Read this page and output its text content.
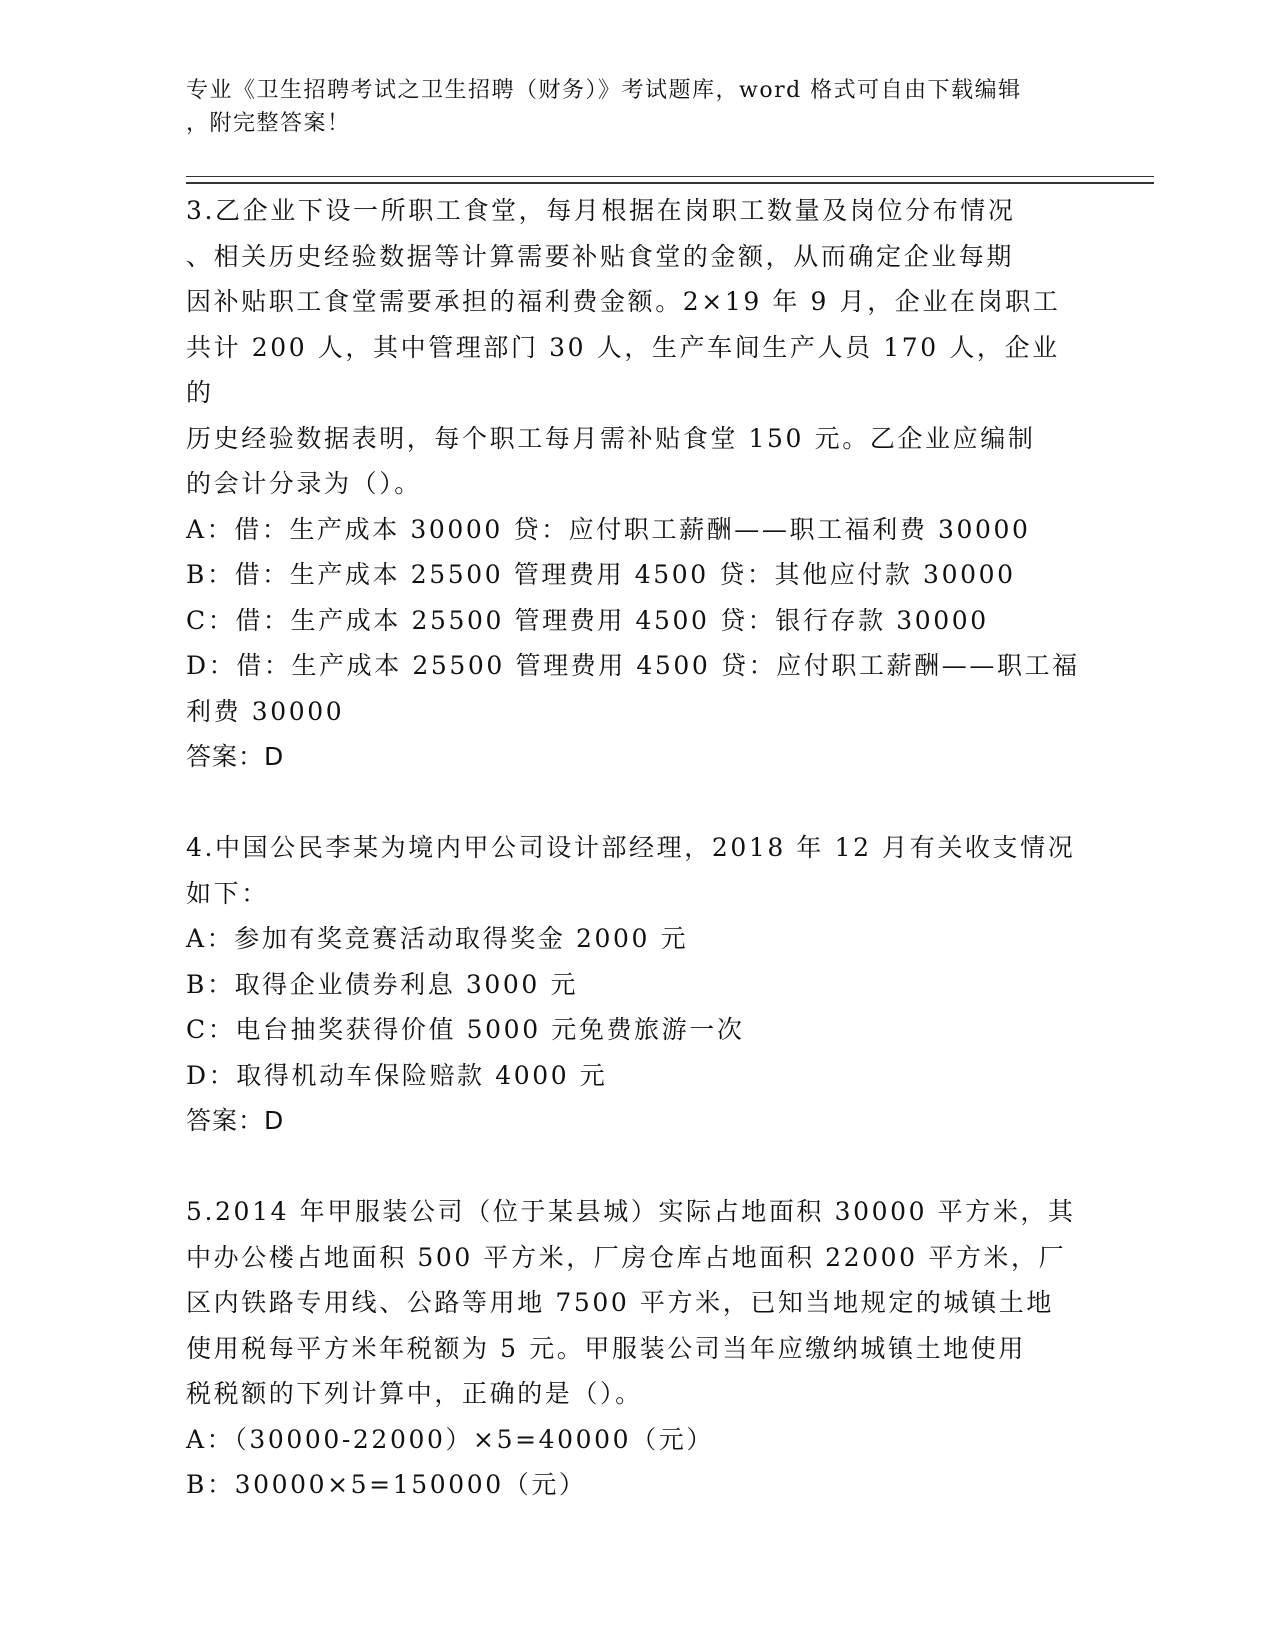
专业《卫生招聘考试之卫生招聘（财务）》考试题库，word 格式可自由下载编辑
，附完整答案！

3.乙企业下设一所职工食堂，每月根据在岗职工数量及岗位分布情况

、相关历史经验数据等计算需要补贴食堂的金额，从而确定企业每期

因补贴职工食堂需要承担的福利费金额。2×19 年 9 月，企业在岗职工

共计 200 人，其中管理部门 30 人，生产车间生产人员 170 人，企业的

历史经验数据表明，每个职工每月需补贴食堂 150 元。乙企业应编制

的会计分录为（）。

A：借：生产成本 30000 贷：应付职工薪酬——职工福利费 30000

B：借：生产成本 25500 管理费用 4500 贷：其他应付款 30000

C：借：生产成本 25500 管理费用 4500 贷：银行存款 30000

D：借：生产成本 25500 管理费用 4500 贷：应付职工薪酬——职工福

利费 30000

答案：D

4.中国公民李某为境内甲公司设计部经理，2018 年 12 月有关收支情况

如下：

A：参加有奖竞赛活动取得奖金 2000 元

B：取得企业债券利息 3000 元

C：电台抽奖获得价值 5000 元免费旅游一次

D：取得机动车保险赔款 4000 元

答案：D

5.2014 年甲服装公司（位于某县城）实际占地面积 30000 平方米，其

中办公楼占地面积 500 平方米，厂房仓库占地面积 22000 平方米，厂

区内铁路专用线、公路等用地 7500 平方米，已知当地规定的城镇土地

使用税每平方米年税额为 5 元。甲服装公司当年应缴纳城镇土地使用

税税额的下列计算中，正确的是（）。

A：（30000-22000）×5=40000（元）

B：30000×5=150000（元）
